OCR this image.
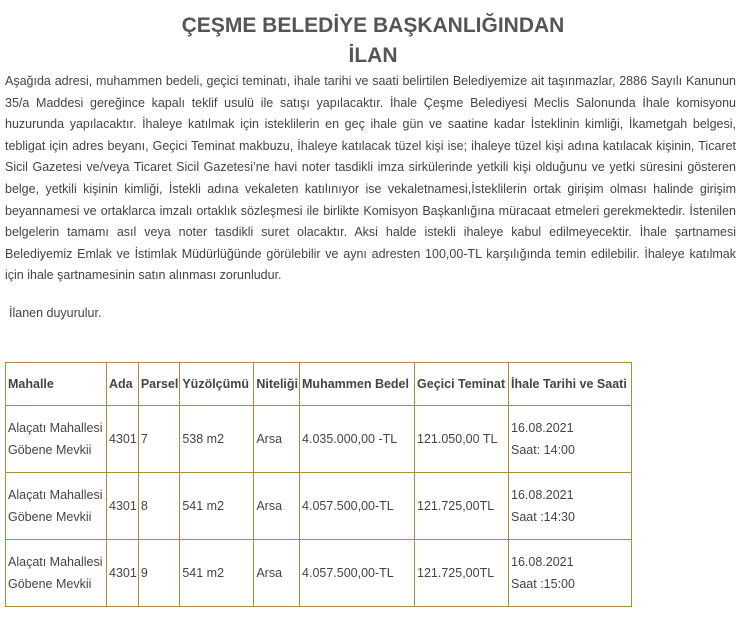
ÇEŞME BELEDİYE BAŞKANLIĞINDAN
İLAN

Aşağıda adresi, muhammen bedeli, geçici teminatı, ihale tarihi ve saati belirtilen Belediyemize ait taşınmazlar, 2886 Sayılı Kanunun 35/a Maddesi gereğince kapalı teklif usulü ile satışı yapılacaktır. İhale Çeşme Belediyesi Meclis Salonunda İhale komisyonu huzurunda yapılacaktır. İhaleye katılmak için isteklilerin en geç ihale gün ve saatine kadar İsteklinin kimliği, İkametgah belgesi, tebligat için adres beyanı, Geçici Teminat makbuzu, İhaleye katılacak tüzel kişi ise; ihaleye tüzel kişi adına katılacak kişinin, Ticaret Sicil Gazetesi ve/veya Ticaret Sicil Gazetesi’ne havi noter tasdikli imza sirkülerinde yetkili kişi olduğunu ve yetki süresini gösteren belge, yetkili kişinin kimliği, İstekli adına vekaleten katılınıyor ise vekaletnamesi,İsteklilerin ortak girişim olması halinde girişim beyannamesi ve ortaklarca imzalı ortaklık sözleşmesi ile birlikte Komisyon Başkanlığına müracaat etmeleri gerekmektedir. İstenilen belgelerin tamamı asıl veya noter tasdikli suret olacaktır. Aksi halde istekli ihaleye kabul edilmeyecektir. İhale şartnamesi Belediyemiz Emlak ve İstimlak Müdürlüğünde görülebilir ve aynı adresten 100,00-TL karşılığında temin edilebilir. İhaleye katılmak için ihale şartnamesinin satın alınması zorunludur.

İlanen duyurulur.

Mahalle	Ada	Parsel	Yüzölçümü	Niteliği	Muhammen Bedel	Geçici Teminat	İhale Tarihi ve Saati

Alaçatı Mahallesi
Göbene Mevkii	4301	7	538 m2	Arsa	4.035.000,00 -TL	121.050,00 TL	16.08.2021
Saat: 14:00

Alaçatı Mahallesi
Göbene Mevkii	4301	8	541 m2	Arsa	4.057.500,00-TL	121.725,00TL	16.08.2021
Saat :14:30

Alaçatı Mahallesi
Göbene Mevkii	4301	9	541 m2	Arsa	4.057.500,00-TL	121.725,00TL	16.08.2021
Saat :15:00
